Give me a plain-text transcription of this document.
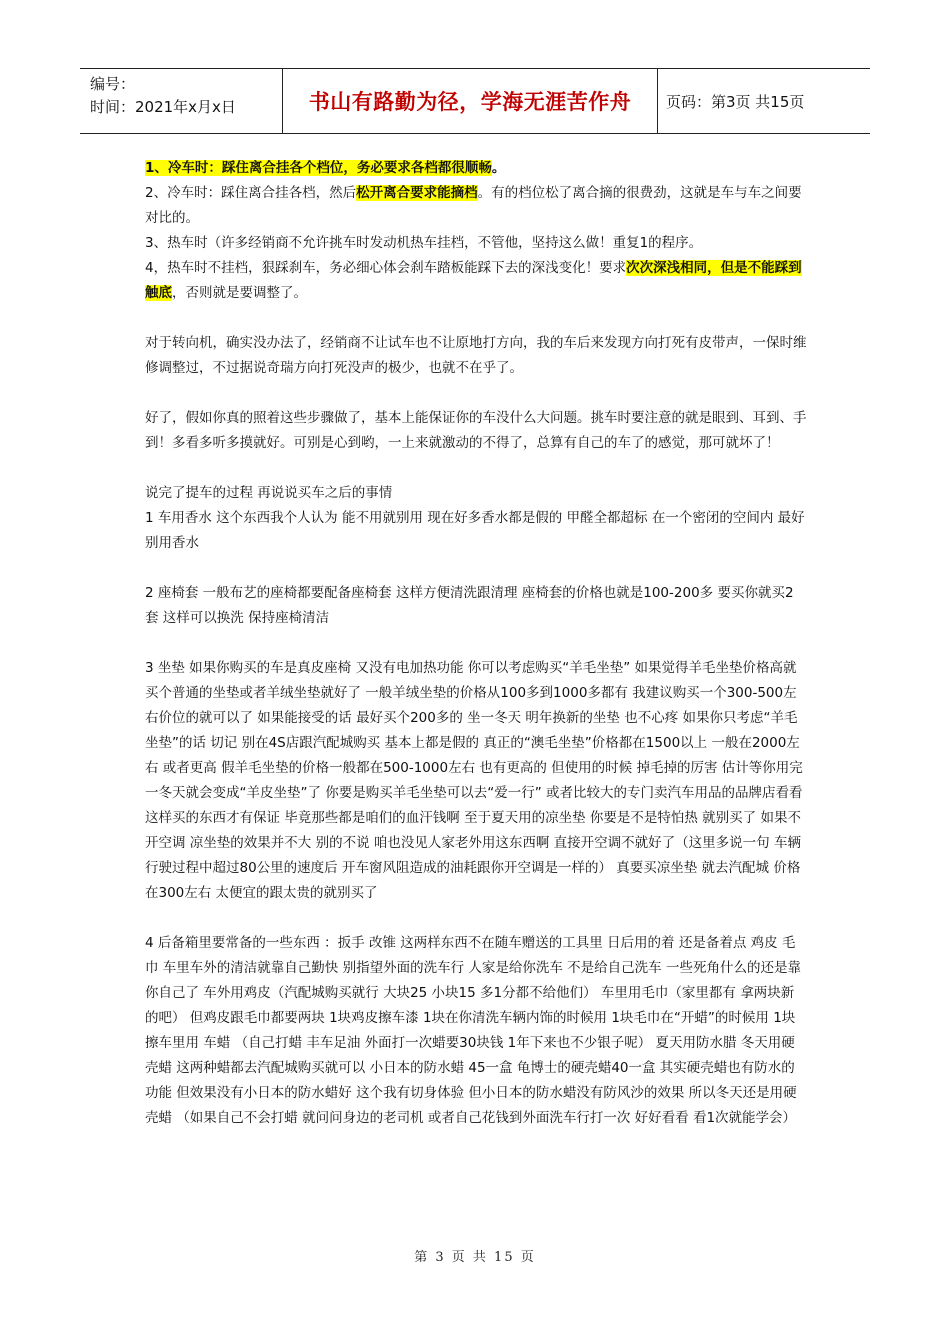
编号：
时间：2021年x月x日	书山有路勤为径，学海无涯苦作舟	页码：第3页 共15页

1、冷车时：踩住离合挂各个档位，务必要求各档都很顺畅。

2、冷车时：踩住离合挂各档，然后松开离合要求能摘档。有的档位松了离合摘的很费劲，这就是车与车之间要对比的。

3、热车时（许多经销商不允许挑车时发动机热车挂档，不管他，坚持这么做！重复1的程序。

4，热车时不挂档，狠踩刹车，务必细心体会刹车踏板能踩下去的深浅变化！要求次次深浅相同，但是不能踩到触底，否则就是要调整了。

对于转向机，确实没办法了，经销商不让试车也不让原地打方向，我的车后来发现方向打死有皮带声，一保时维修调整过，不过据说奇瑞方向打死没声的极少，也就不在乎了。

好了，假如你真的照着这些步骤做了，基本上能保证你的车没什么大问题。挑车时要注意的就是眼到、耳到、手到！多看多听多摸就好。可别是心到哟，一上来就激动的不得了，总算有自己的车了的感觉，那可就坏了！

说完了提车的过程 再说说买车之后的事情

1 车用香水 这个东西我个人认为 能不用就别用 现在好多香水都是假的 甲醛全都超标 在一个密闭的空间内 最好别用香水

2 座椅套 一般布艺的座椅都要配备座椅套 这样方便清洗跟清理 座椅套的价格也就是100-200多 要买你就买2套 这样可以换洗 保持座椅清洁

3 坐垫 如果你购买的车是真皮座椅 又没有电加热功能 你可以考虑购买“羊毛坐垫” 如果觉得羊毛坐垫价格高就买个普通的坐垫或者羊绒坐垫就好了 一般羊绒坐垫的价格从100多到1000多都有 我建议购买一个300-500左右价位的就可以了 如果能接受的话 最好买个200多的 坐一冬天 明年换新的坐垫 也不心疼 如果你只考虑“羊毛坐垫”的话 切记 别在4S店跟汽配城购买 基本上都是假的 真正的“澳毛坐垫”价格都在1500以上 一般在2000左右 或者更高 假羊毛坐垫的价格一般都在500-1000左右 也有更高的 但使用的时候 掉毛掉的厉害 估计等你用完一冬天就会变成“羊皮坐垫”了 你要是购买羊毛坐垫可以去“爱一行” 或者比较大的专门卖汽车用品的品牌店看看 这样买的东西才有保证 毕竟那些都是咱们的血汗钱啊 至于夏天用的凉坐垫 你要是不是特怕热 就别买了 如果不开空调 凉坐垫的效果并不大 别的不说 咱也没见人家老外用这东西啊 直接开空调不就好了（这里多说一句 车辆行驶过程中超过80公里的速度后 开车窗风阻造成的油耗跟你开空调是一样的） 真要买凉坐垫 就去汽配城 价格在300左右 太便宜的跟太贵的就别买了

4 后备箱里要常备的一些东西 ：扳手 改锥 这两样东西不在随车赠送的工具里 日后用的着 还是备着点 鸡皮 毛巾 车里车外的清洁就靠自己勤快 别指望外面的洗车行 人家是给你洗车 不是给自己洗车 一些死角什么的还是靠你自己了 车外用鸡皮（汽配城购买就行 大块25 小块15 多1分都不给他们） 车里用毛巾（家里都有 拿两块新的吧） 但鸡皮跟毛巾都要两块 1块鸡皮擦车漆 1块在你清洗车辆内饰的时候用 1块毛巾在“开蜡”的时候用 1块擦车里用 车蜡 （自己打蜡 丰车足油 外面打一次蜡要30块钱 1年下来也不少银子呢） 夏天用防水腊 冬天用硬壳蜡 这两种蜡都去汽配城购买就可以 小日本的防水蜡 45一盒 龟博士的硬壳蜡40一盒 其实硬壳蜡也有防水的功能 但效果没有小日本的防水蜡好 这个我有切身体验 但小日本的防水蜡没有防风沙的效果 所以冬天还是用硬壳蜡 （如果自己不会打蜡 就问问身边的老司机 或者自己花钱到外面洗车行打一次 好好看看 看1次就能学会）

第 3 页 共 15 页
